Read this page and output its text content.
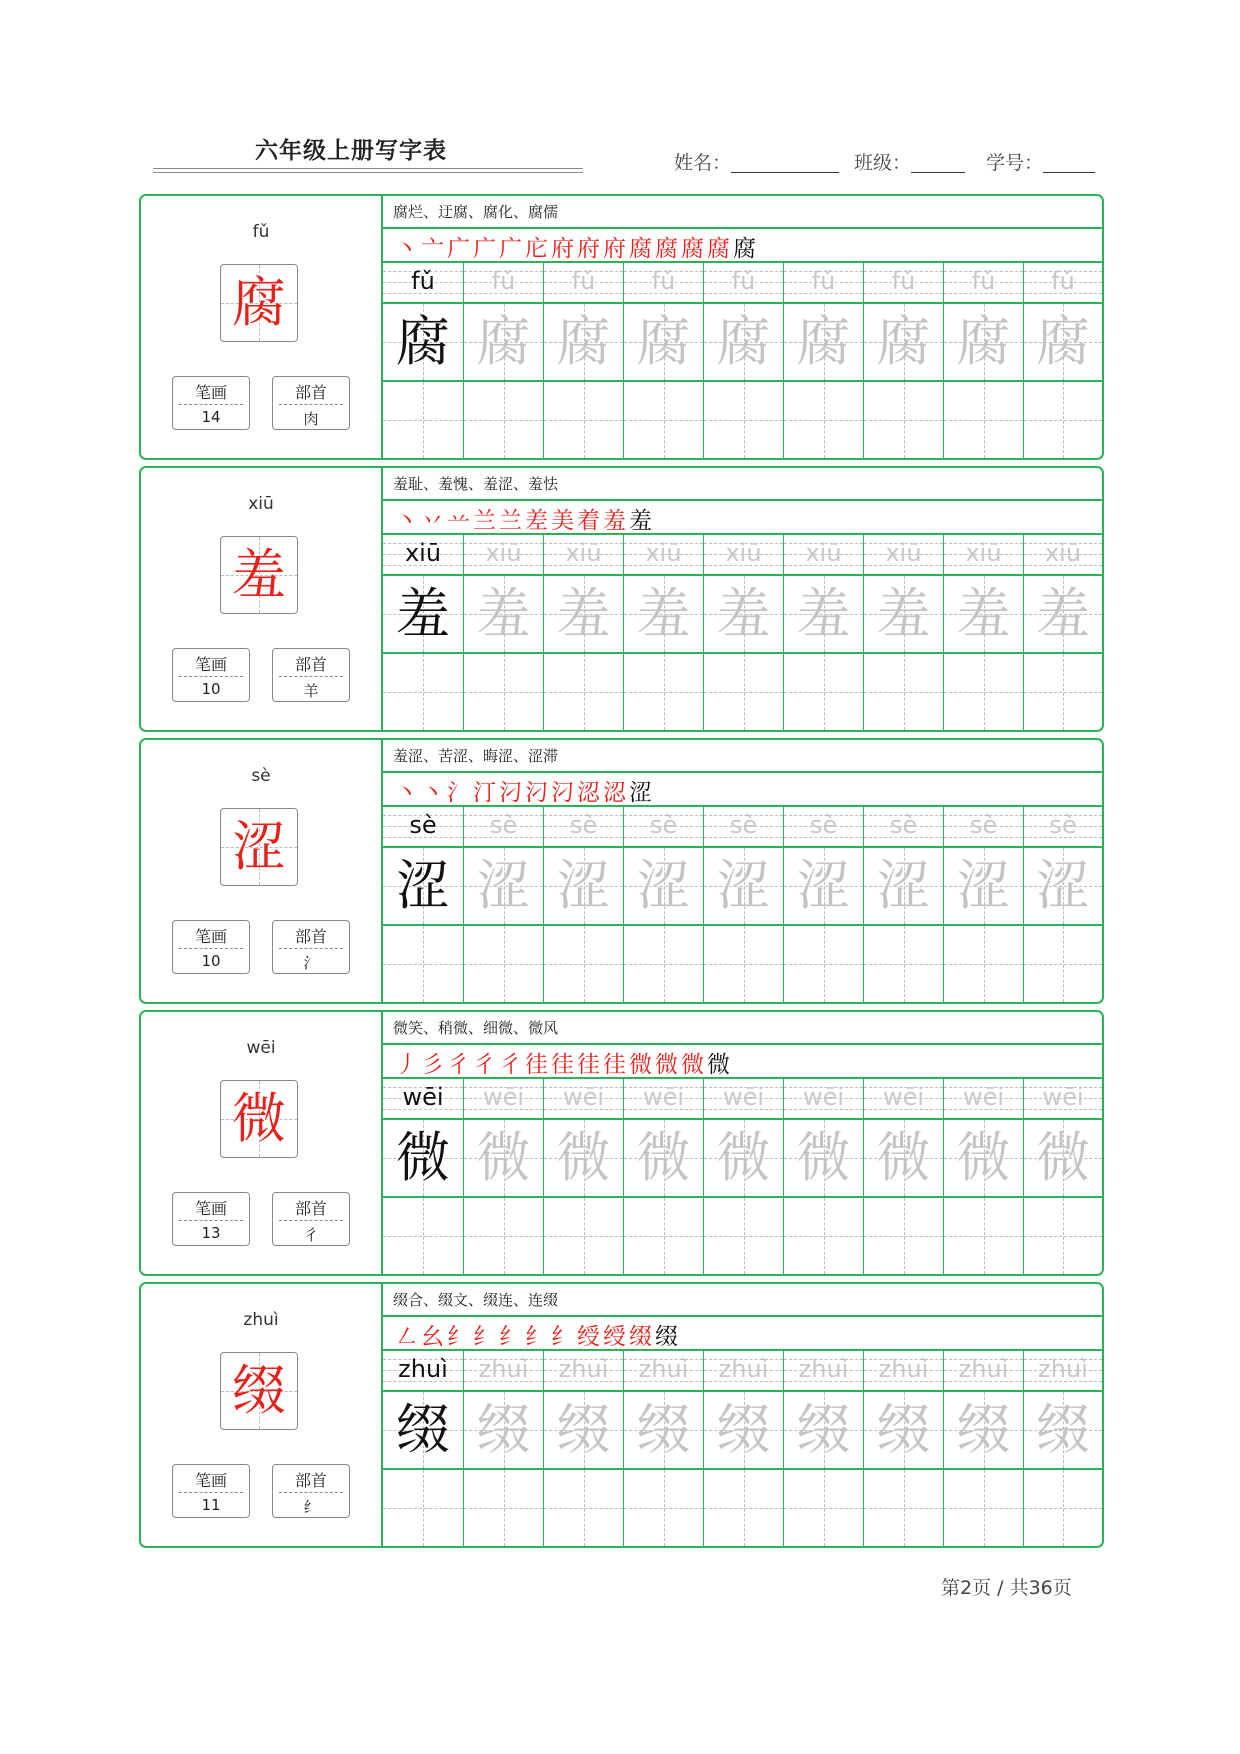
六年级上册写字表	姓名：	班级：	学号：
fǔ
腐
笔画
14
部首
肉
腐烂、迂腐、腐化、腐儒
丶 亠 广 广 广 庀 府 府 府 腐 腐 腐 腐 腐
fǔ	fǔ	fǔ	fǔ	fǔ	fǔ	fǔ	fǔ	fǔ
腐 腐 腐 腐 腐 腐 腐 腐 腐
xiū
羞
笔画
10
部首
羊
羞耻、羞愧、羞涩、羞怯
丶 丷 䒑 兰 兰 差 美 着 羞 羞
xiū	xiū	xiū	xiū	xiū	xiū	xiū	xiū	xiū
羞 羞 羞 羞 羞 羞 羞 羞 羞
sè
涩
笔画
10
部首
氵
羞涩、苦涩、晦涩、涩滞
丶 丶 氵 汀 汈 汈 汈 涊 涊 涩
sè	sè	sè	sè	sè	sè	sè	sè	sè
涩 涩 涩 涩 涩 涩 涩 涩 涩
wēi
微
笔画
13
部首
彳
微笑、稍微、细微、微风
丿 彡 彳 彳 彳 徍 徍 徍 徍 微 微 微 微
wēi	wēi	wēi	wēi	wēi	wēi	wēi	wēi	wēi
微 微 微 微 微 微 微 微 微
zhuì
缀
笔画
11
部首
纟
缀合、缀文、缀连、连缀
㇜ 幺 纟 纟 纟 纟 纟 绶 绶 缀 缀
zhuì	zhuì	zhuì	zhuì	zhuì	zhuì	zhuì	zhuì	zhuì
缀 缀 缀 缀 缀 缀 缀 缀 缀
第2页 / 共36页
